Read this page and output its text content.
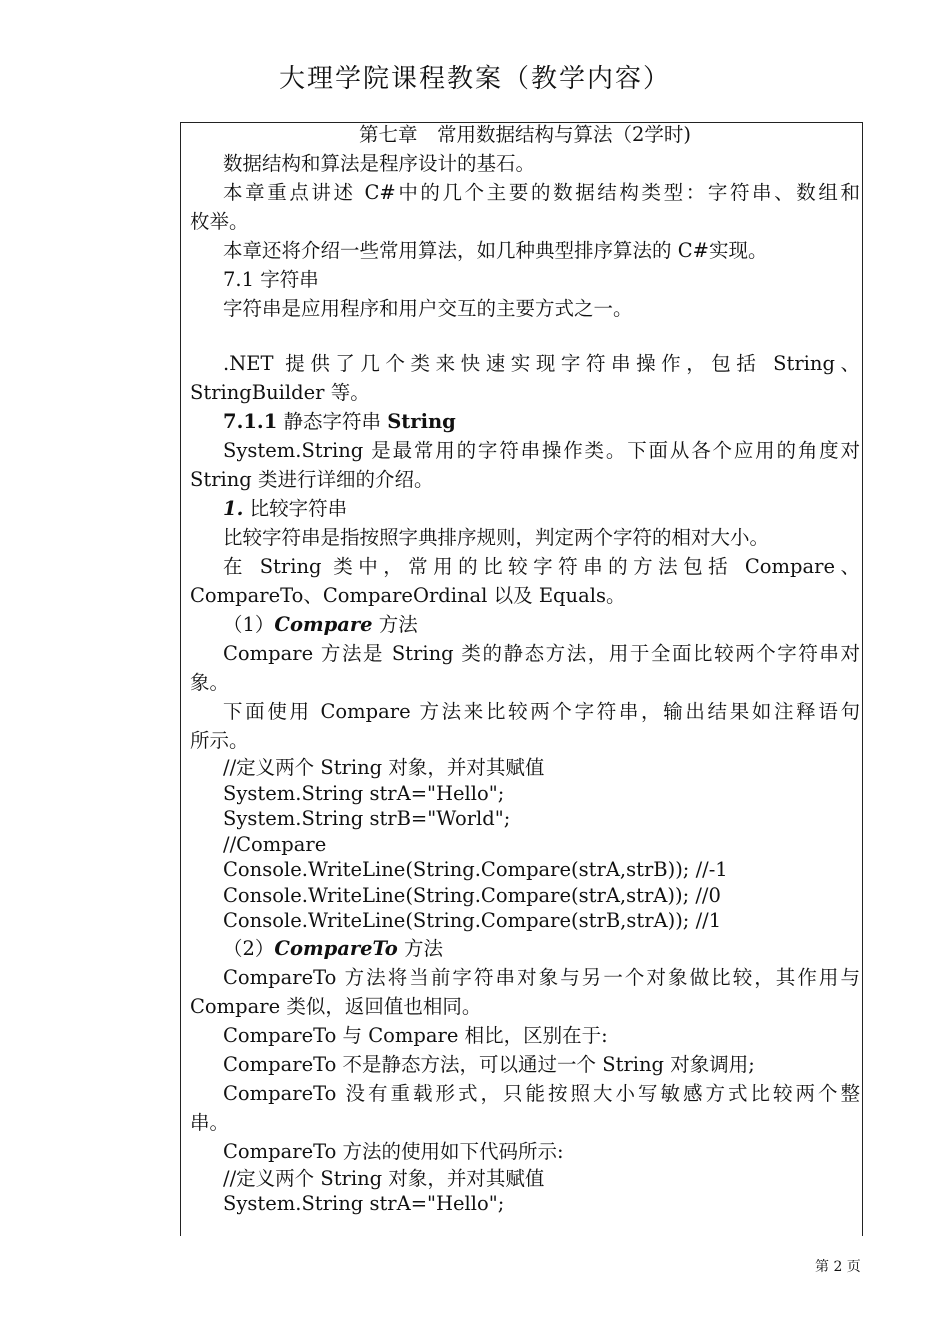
大理学院课程教案（教学内容）
第七章　常用数据结构与算法（2学时)
数据结构和算法是程序设计的基石。
本章重点讲述 C#中的几个主要的数据结构类型：字符串、数组和
枚举。
本章还将介绍一些常用算法，如几种典型排序算法的 C#实现。
7.1 字符串
字符串是应用程序和用户交互的主要方式之一。
.NET 提供了几个类来快速实现字符串操作，包括 String、
StringBuilder 等。
7.1.1 静态字符串 String
System.String 是最常用的字符串操作类。下面从各个应用的角度对
String 类进行详细的介绍。
1. 比较字符串
比较字符串是指按照字典排序规则，判定两个字符的相对大小。
在 String 类中，常用的比较字符串的方法包括 Compare、
CompareTo、CompareOrdinal 以及 Equals。
（1）Compare 方法
Compare 方法是 String 类的静态方法，用于全面比较两个字符串对
象。
下面使用 Compare 方法来比较两个字符串，输出结果如注释语句
所示。
//定义两个 String 对象，并对其赋值
System.String strA="Hello";
System.String strB="World";
//Compare
Console.WriteLine(String.Compare(strA,strB)); //-1
Console.WriteLine(String.Compare(strA,strA)); //0
Console.WriteLine(String.Compare(strB,strA)); //1
（2）CompareTo 方法
CompareTo 方法将当前字符串对象与另一个对象做比较，其作用与
Compare 类似，返回值也相同。
CompareTo 与 Compare 相比，区别在于:
CompareTo 不是静态方法，可以通过一个 String 对象调用;
CompareTo 没有重载形式，只能按照大小写敏感方式比较两个整
串。
CompareTo 方法的使用如下代码所示:
//定义两个 String 对象，并对其赋值
System.String strA="Hello";
第 2 页
